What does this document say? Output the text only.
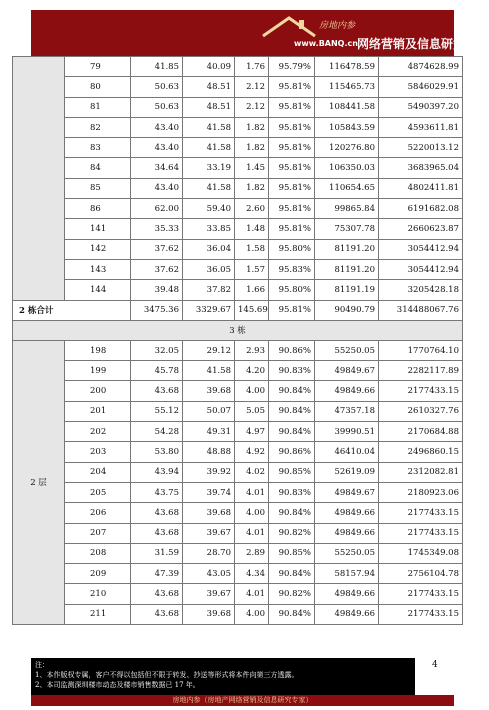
房地内参
www.BANQ.cn 网络营销及信息研究专家
	79	41.85	40.09	1.76	95.79%	116478.59	4874628.99
	80	50.63	48.51	2.12	95.81%	115465.73	5846029.91
	81	50.63	48.51	2.12	95.81%	108441.58	5490397.20
	82	43.40	41.58	1.82	95.81%	105843.59	4593611.81
	83	43.40	41.58	1.82	95.81%	120276.80	5220013.12
	84	34.64	33.19	1.45	95.81%	106350.03	3683965.04
	85	43.40	41.58	1.82	95.81%	110654.65	4802411.81
	86	62.00	59.40	2.60	95.81%	99865.84	6191682.08
	141	35.33	33.85	1.48	95.81%	75307.78	2660623.87
	142	37.62	36.04	1.58	95.80%	81191.20	3054412.94
	143	37.62	36.05	1.57	95.83%	81191.20	3054412.94
	144	39.48	37.82	1.66	95.80%	81191.19	3205428.18
2 栋合计		3475.36	3329.67	145.69	95.81%	90490.79	314488067.76
3 栋							
2 层	198	32.05	29.12	2.93	90.86%	55250.05	1770764.10
	199	45.78	41.58	4.20	90.83%	49849.67	2282117.89
	200	43.68	39.68	4.00	90.84%	49849.66	2177433.15
	201	55.12	50.07	5.05	90.84%	47357.18	2610327.76
	202	54.28	49.31	4.97	90.84%	39990.51	2170684.88
	203	53.80	48.88	4.92	90.86%	46410.04	2496860.15
	204	43.94	39.92	4.02	90.85%	52619.09	2312082.81
	205	43.75	39.74	4.01	90.83%	49849.67	2180923.06
	206	43.68	39.68	4.00	90.84%	49849.66	2177433.15
	207	43.68	39.67	4.01	90.82%	49849.66	2177433.15
	208	31.59	28.70	2.89	90.85%	55250.05	1745349.08
	209	47.39	43.05	4.34	90.84%	58157.94	2756104.78
	210	43.68	39.67	4.01	90.82%	49849.66	2177433.15
	211	43.68	39.68	4.00	90.84%	49849.66	2177433.15
注：
1、本作版权专属，客户不得以包括但不限于转发、抄送等形式将本件向第三方透露。
2、本司监测深圳楼市动态及楼市销售数据已 17 年。
4
房地内参（房地产网络营销及信息研究专家）
